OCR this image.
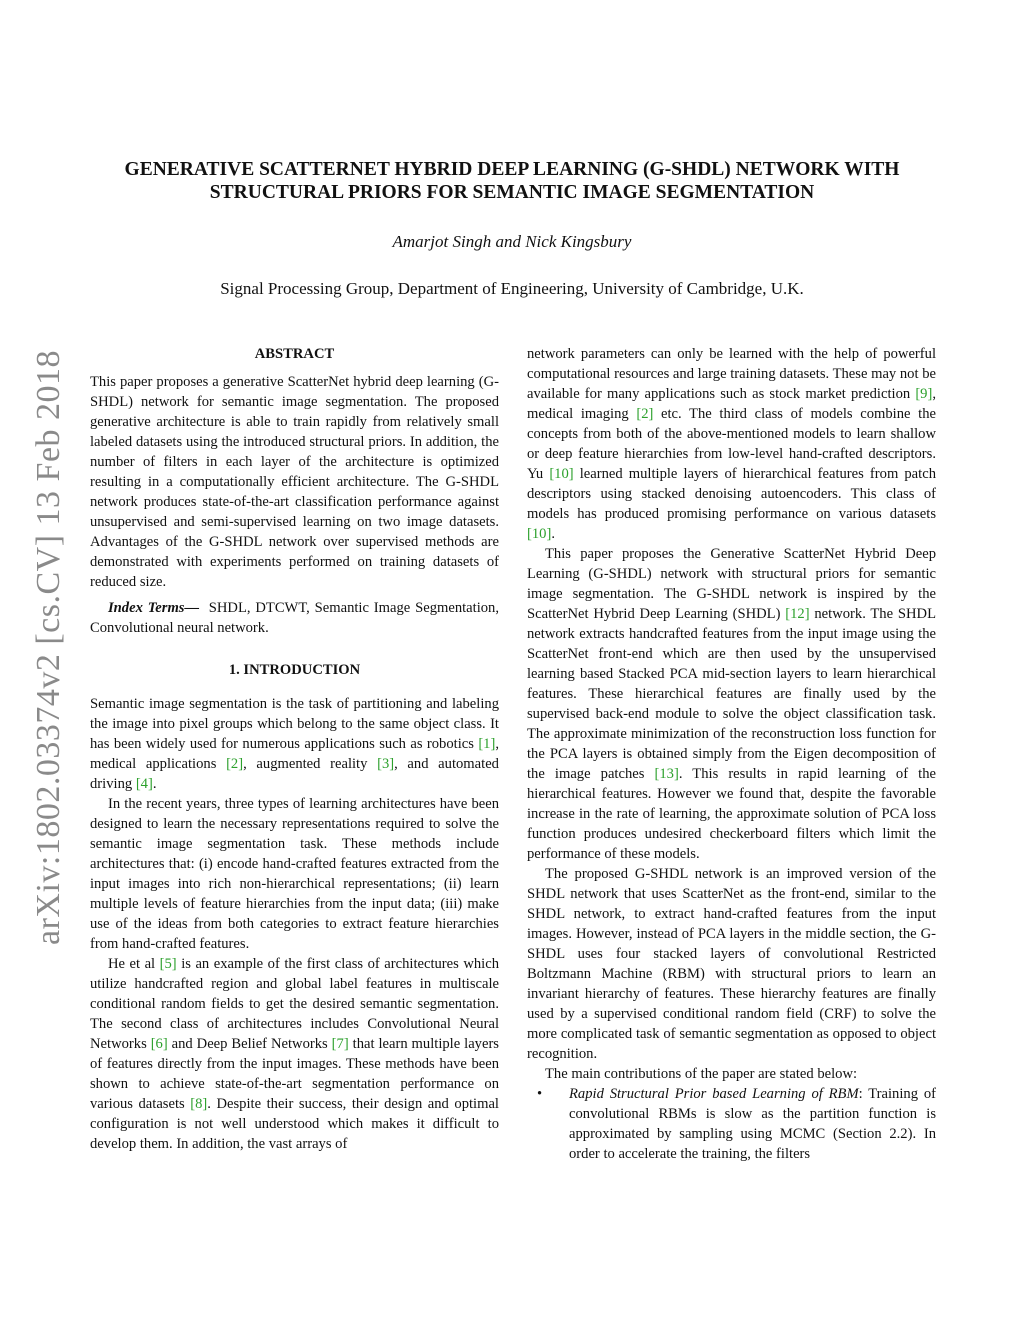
arXiv:1802.03374v2 [cs.CV] 13 Feb 2018
GENERATIVE SCATTERNET HYBRID DEEP LEARNING (G-SHDL) NETWORK WITH
STRUCTURAL PRIORS FOR SEMANTIC IMAGE SEGMENTATION
Amarjot Singh and Nick Kingsbury
Signal Processing Group, Department of Engineering, University of Cambridge, U.K.
ABSTRACT

This paper proposes a generative ScatterNet hybrid deep learning (G-SHDL) network for semantic image segmentation. The proposed generative architecture is able to train rapidly from relatively small labeled datasets using the introduced structural priors. In addition, the number of filters in each layer of the architecture is optimized resulting in a computationally efficient architecture. The G-SHDL network produces state-of-the-art classification performance against unsupervised and semi-supervised learning on two image datasets. Advantages of the G-SHDL network over supervised methods are demonstrated with experiments performed on training datasets of reduced size.

Index Terms— SHDL, DTCWT, Semantic Image Segmentation, Convolutional neural network.

1. INTRODUCTION

Semantic image segmentation is the task of partitioning and labeling the image into pixel groups which belong to the same object class. It has been widely used for numerous applications such as robotics [1], medical applications [2], augmented reality [3], and automated driving [4].

In the recent years, three types of learning architectures have been designed to learn the necessary representations required to solve the semantic image segmentation task. These methods include architectures that: (i) encode hand-crafted features extracted from the input images into rich non-hierarchical representations; (ii) learn multiple levels of feature hierarchies from the input data; (iii) make use of the ideas from both categories to extract feature hierarchies from hand-crafted features.

He et al [5] is an example of the first class of architectures which utilize handcrafted region and global label features in multiscale conditional random fields to get the desired semantic segmentation. The second class of architectures includes Convolutional Neural Networks [6] and Deep Belief Networks [7] that learn multiple layers of features directly from the input images. These methods have been shown to achieve state-of-the-art segmentation performance on various datasets [8]. Despite their success, their design and optimal configuration is not well understood which makes it difficult to develop them. In addition, the vast arrays of

network parameters can only be learned with the help of powerful computational resources and large training datasets. These may not be available for many applications such as stock market prediction [9], medical imaging [2] etc. The third class of models combine the concepts from both of the above-mentioned models to learn shallow or deep feature hierarchies from low-level hand-crafted descriptors. Yu [10] learned multiple layers of hierarchical features from patch descriptors using stacked denoising autoencoders. This class of models has produced promising performance on various datasets [10].

This paper proposes the Generative ScatterNet Hybrid Deep Learning (G-SHDL) network with structural priors for semantic image segmentation. The G-SHDL network is inspired by the ScatterNet Hybrid Deep Learning (SHDL) [12] network. The SHDL network extracts handcrafted features from the input image using the ScatterNet front-end which are then used by the unsupervised learning based Stacked PCA mid-section layers to learn hierarchical features. These hierarchical features are finally used by the supervised back-end module to solve the object classification task. The approximate minimization of the reconstruction loss function for the PCA layers is obtained simply from the Eigen decomposition of the image patches [13]. This results in rapid learning of the hierarchical features. However we found that, despite the favorable increase in the rate of learning, the approximate solution of PCA loss function produces undesired checkerboard filters which limit the performance of these models.

The proposed G-SHDL network is an improved version of the SHDL network that uses ScatterNet as the front-end, similar to the SHDL network, to extract hand-crafted features from the input images. However, instead of PCA layers in the middle section, the G-SHDL uses four stacked layers of convolutional Restricted Boltzmann Machine (RBM) with structural priors to learn an invariant hierarchy of features. These hierarchy features are finally used by a supervised conditional random field (CRF) to solve the more complicated task of semantic segmentation as opposed to object recognition.

The main contributions of the paper are stated below:

• Rapid Structural Prior based Learning of RBM: Training of convolutional RBMs is slow as the partition function is approximated by sampling using MCMC (Section 2.2). In order to accelerate the training, the filters
